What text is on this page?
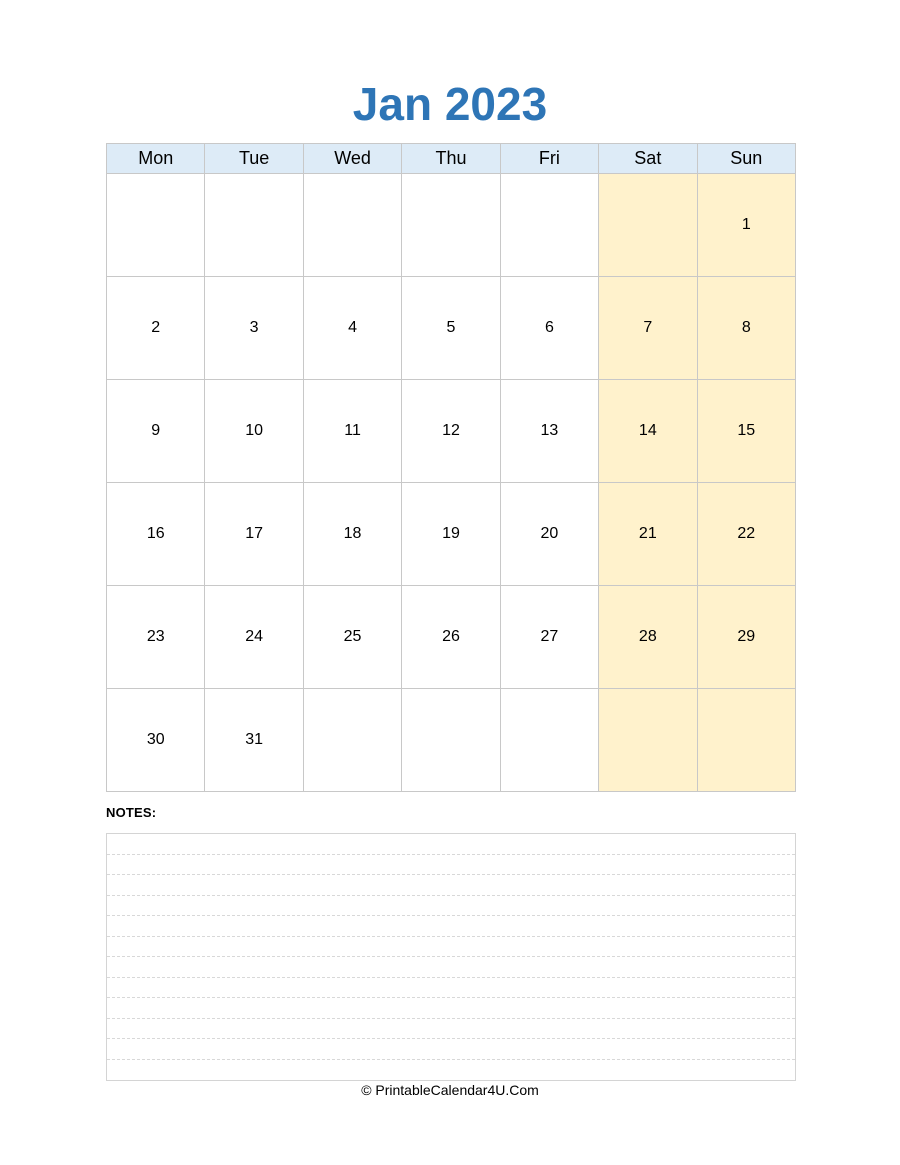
Jan 2023
Mon	Tue	Wed	Thu	Fri	Sat	Sun
						1
2	3	4	5	6	7	8
9	10	11	12	13	14	15
16	17	18	19	20	21	22
23	24	25	26	27	28	29
30	31					
NOTES:
© PrintableCalendar4U.Com
